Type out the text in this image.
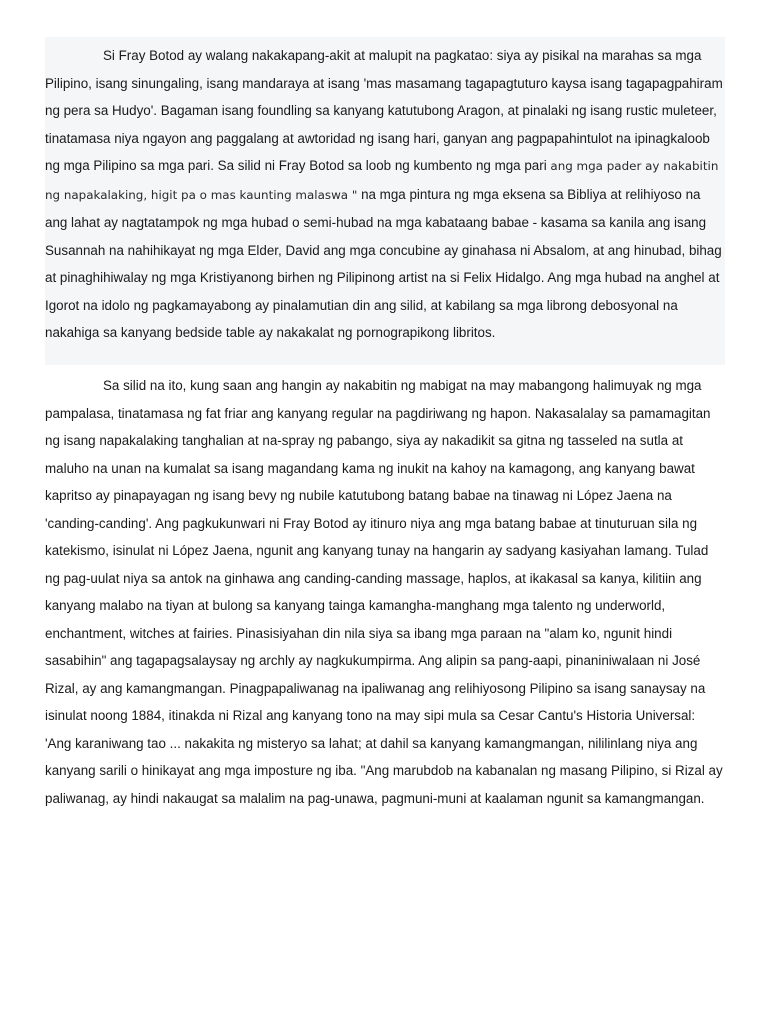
Si Fray Botod ay walang nakakapang-akit at malupit na pagkatao: siya ay pisikal na marahas sa mga Pilipino, isang sinungaling, isang mandaraya at isang 'mas masamang tagapagtuturo kaysa isang tagapagpahiram ng pera sa Hudyo'. Bagaman isang foundling sa kanyang katutubong Aragon, at pinalaki ng isang rustic muleteer, tinatamasa niya ngayon ang paggalang at awtoridad ng isang hari, ganyan ang pagpapahintulot na ipinagkaloob ng mga Pilipino sa mga pari. Sa silid ni Fray Botod sa loob ng kumbento ng mga pari ang mga pader ay nakabitin ng napakalaking, higit pa o mas kaunting malaswa " na mga pintura ng mga eksena sa Bibliya at relihiyoso na ang lahat ay nagtatampok ng mga hubad o semi-hubad na mga kabataang babae - kasama sa kanila ang isang Susannah na nahihikayat ng mga Elder, David ang mga concubine ay ginahasa ni Absalom, at ang hinubad, bihag at pinaghihiwalay ng mga Kristiyanong birhen ng Pilipinong artist na si Felix Hidalgo. Ang mga hubad na anghel at Igorot na idolo ng pagkamayabong ay pinalamutian din ang silid, at kabilang sa mga librong debosyonal na nakahiga sa kanyang bedside table ay nakakalat ng pornograpikong libritos.
Sa silid na ito, kung saan ang hangin ay nakabitin ng mabigat na may mabangong halimuyak ng mga pampalasa, tinatamasa ng fat friar ang kanyang regular na pagdiriwang ng hapon. Nakasalalay sa pamamagitan ng isang napakalaking tanghalian at na-spray ng pabango, siya ay nakadikit sa gitna ng tasseled na sutla at maluho na unan na kumalat sa isang magandang kama ng inukit na kahoy na kamagong, ang kanyang bawat kapritso ay pinapayagan ng isang bevy ng nubile katutubong batang babae na tinawag ni López Jaena na 'canding-canding'. Ang pagkukunwari ni Fray Botod ay itinuro niya ang mga batang babae at tinuturuan sila ng katekismo, isinulat ni López Jaena, ngunit ang kanyang tunay na hangarin ay sadyang kasiyahan lamang. Tulad ng pag-uulat niya sa antok na ginhawa ang canding-canding massage, haplos, at ikakasal sa kanya, kilitiin ang kanyang malabo na tiyan at bulong sa kanyang tainga kamangha-manghang mga talento ng underworld, enchantment, witches at fairies. Pinasisiyahan din nila siya sa ibang mga paraan na "alam ko, ngunit hindi sasabihin" ang tagapagsalaysay ng archly ay nagkukumpirma. Ang alipin sa pang-aapi, pinaniniwalaan ni José Rizal, ay ang kamangmangan. Pinagpapaliwanag na ipaliwanag ang relihiyosong Pilipino sa isang sanaysay na isinulat noong 1884, itinakda ni Rizal ang kanyang tono na may sipi mula sa Cesar Cantu's Historia Universal: 'Ang karaniwang tao ... nakakita ng misteryo sa lahat; at dahil sa kanyang kamangmangan, nililinlang niya ang kanyang sarili o hinikayat ang mga imposture ng iba. "Ang marubdob na kabanalan ng masang Pilipino, si Rizal ay paliwanag, ay hindi nakaugat sa malalim na pag-unawa, pagmuni-muni at kaalaman ngunit sa kamangmangan.
